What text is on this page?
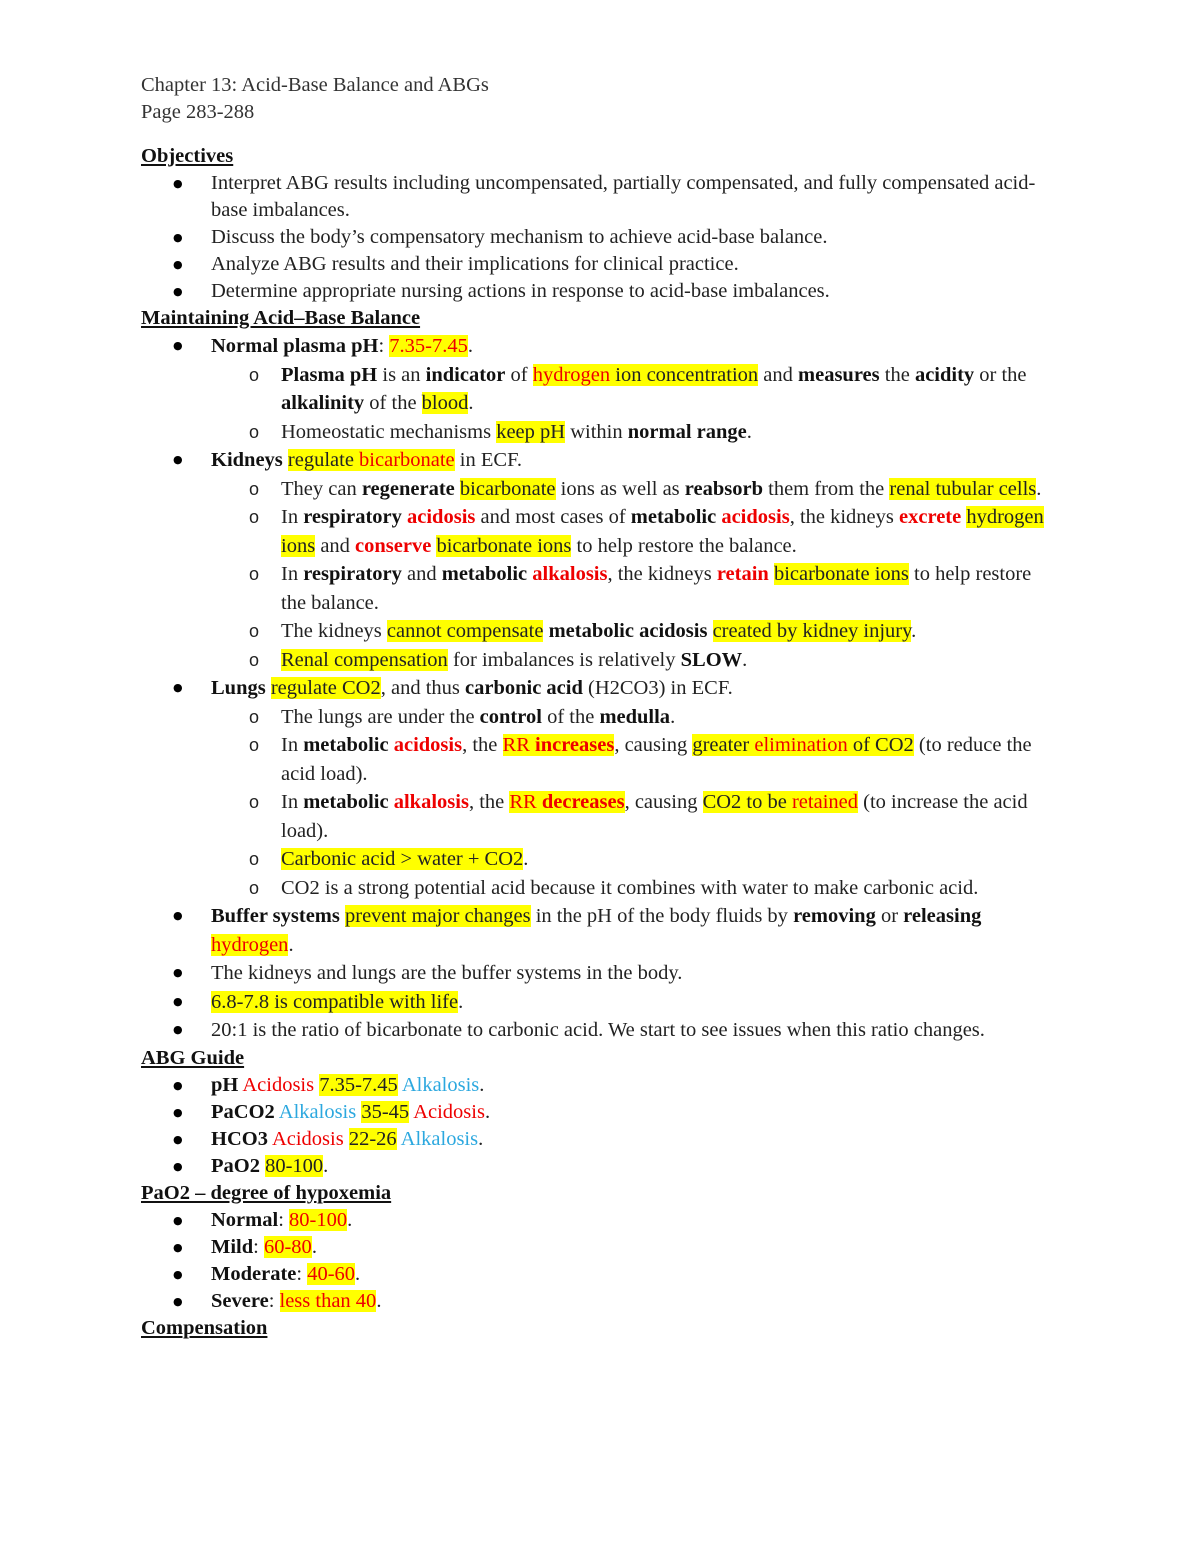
Chapter 13: Acid-Base Balance and ABGs
Page 283-288
Objectives
● Interpret ABG results including uncompensated, partially compensated, and fully compensated acid-base imbalances.
● Discuss the body’s compensatory mechanism to achieve acid-base balance.
● Analyze ABG results and their implications for clinical practice.
● Determine appropriate nursing actions in response to acid-base imbalances.
Maintaining Acid–Base Balance
● Normal plasma pH: 7.35-7.45.
o Plasma pH is an indicator of hydrogen ion concentration and measures the acidity or the alkalinity of the blood.
o Homeostatic mechanisms keep pH within normal range.
● Kidneys regulate bicarbonate in ECF.
o They can regenerate bicarbonate ions as well as reabsorb them from the renal tubular cells.
o In respiratory acidosis and most cases of metabolic acidosis, the kidneys excrete hydrogen ions and conserve bicarbonate ions to help restore the balance.
o In respiratory and metabolic alkalosis, the kidneys retain bicarbonate ions to help restore the balance.
o The kidneys cannot compensate metabolic acidosis created by kidney injury.
o Renal compensation for imbalances is relatively SLOW.
● Lungs regulate CO2, and thus carbonic acid (H2CO3) in ECF.
o The lungs are under the control of the medulla.
o In metabolic acidosis, the RR increases, causing greater elimination of CO2 (to reduce the acid load).
o In metabolic alkalosis, the RR decreases, causing CO2 to be retained (to increase the acid load).
o Carbonic acid > water + CO2.
o CO2 is a strong potential acid because it combines with water to make carbonic acid.
● Buffer systems prevent major changes in the pH of the body fluids by removing or releasing hydrogen.
● The kidneys and lungs are the buffer systems in the body.
● 6.8-7.8 is compatible with life.
● 20:1 is the ratio of bicarbonate to carbonic acid. We start to see issues when this ratio changes.
ABG Guide
● pH Acidosis 7.35-7.45 Alkalosis.
● PaCO2 Alkalosis 35-45 Acidosis.
● HCO3 Acidosis 22-26 Alkalosis.
● PaO2 80-100.
PaO2 – degree of hypoxemia
● Normal: 80-100.
● Mild: 60-80.
● Moderate: 40-60.
● Severe: less than 40.
Compensation
